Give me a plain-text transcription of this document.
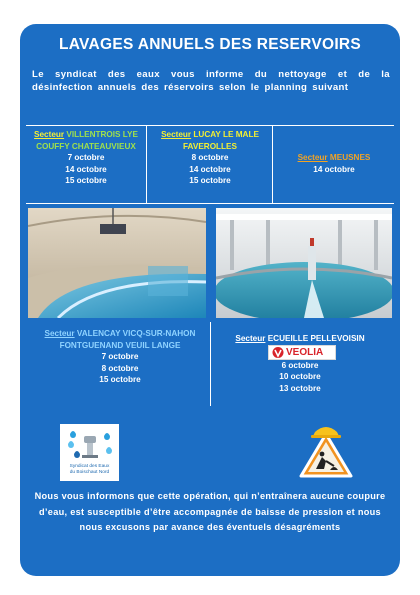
LAVAGES ANNUELS DES RESERVOIRS
Le syndicat des eaux vous informe du nettoyage et de la désinfection annuels des réservoirs selon le planning suivant
Secteur VILLENTROIS LYE COUFFY CHATEAUVIEUX
7 octobre
14 octobre
15 octobre
Secteur LUCAY LE MALE FAVEROLLES
8 octobre
14 octobre
15 octobre
Secteur MEUSNES
14 octobre
Secteur VALENCAY VICQ-SUR-NAHON FONTGUENAND VEUIL LANGE
7 octobre
8 octobre
15 octobre
Secteur ECUEILLE PELLEVOISIN
6 octobre
10 octobre
13 octobre
VEOLIA
Syndicat des Eaux
du Boischaut Nord
Nous vous informons que cette opération, qui n’entraînera aucune coupure d’eau, est susceptible d’être accompagnée de baisse de pression et nous nous excusons par avance des éventuels désagréments
